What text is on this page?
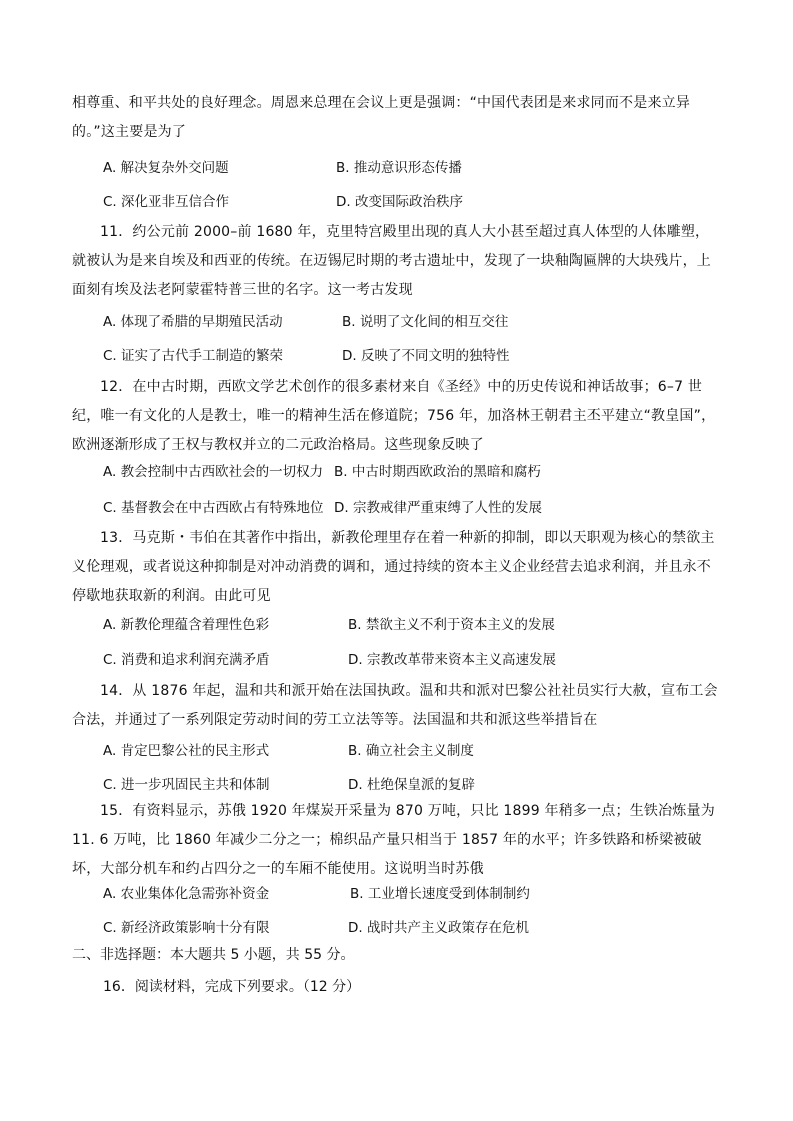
相尊重、和平共处的良好理念。周恩来总理在会议上更是强调：“中国代表团是来求同而不是来立异的。”这主要是为了

A. 解决复杂外交问题	B. 推动意识形态传播

C. 深化亚非互信合作	D. 改变国际政治秩序

11．约公元前 2000–前 1680 年，克里特宫殿里出现的真人大小甚至超过真人体型的人体雕塑，就被认为是来自埃及和西亚的传统。在迈锡尼时期的考古遗址中，发现了一块釉陶匾牌的大块残片，上面刻有埃及法老阿蒙霍特普三世的名字。这一考古发现

A. 体现了希腊的早期殖民活动	B. 说明了文化间的相互交往

C. 证实了古代手工制造的繁荣	D. 反映了不同文明的独特性

12．在中古时期，西欧文学艺术创作的很多素材来自《圣经》中的历史传说和神话故事；6–7 世纪，唯一有文化的人是教士，唯一的精神生活在修道院；756 年，加洛林王朝君主丕平建立“教皇国”，欧洲逐渐形成了王权与教权并立的二元政治格局。这些现象反映了

A. 教会控制中古西欧社会的一切权力 B. 中古时期西欧政治的黑暗和腐朽

C. 基督教会在中古西欧占有特殊地位 D. 宗教戒律严重束缚了人性的发展

13．马克斯・韦伯在其著作中指出，新教伦理里存在着一种新的抑制，即以天职观为核心的禁欲主义伦理观，或者说这种抑制是对冲动消费的调和，通过持续的资本主义企业经营去追求利润，并且永不停歇地获取新的利润。由此可见

A. 新教伦理蕴含着理性色彩	B. 禁欲主义不利于资本主义的发展

C. 消费和追求利润充满矛盾	D. 宗教改革带来资本主义高速发展

14．从 1876 年起，温和共和派开始在法国执政。温和共和派对巴黎公社社员实行大赦，宣布工会合法，并通过了一系列限定劳动时间的劳工立法等等。法国温和共和派这些举措旨在

A. 肯定巴黎公社的民主形式	B. 确立社会主义制度

C. 进一步巩固民主共和体制	D. 杜绝保皇派的复辟

15．有资料显示，苏俄 1920 年煤炭开采量为 870 万吨，只比 1899 年稍多一点；生铁冶炼量为 11. 6 万吨，比 1860 年减少二分之一；棉织品产量只相当于 1857 年的水平；许多铁路和桥梁被破坏，大部分机车和约占四分之一的车厢不能使用。这说明当时苏俄

A. 农业集体化急需弥补资金	B. 工业增长速度受到体制制约

C. 新经济政策影响十分有限	D. 战时共产主义政策存在危机

二、非选择题：本大题共 5 小题，共 55 分。
16．阅读材料，完成下列要求。（12 分）
